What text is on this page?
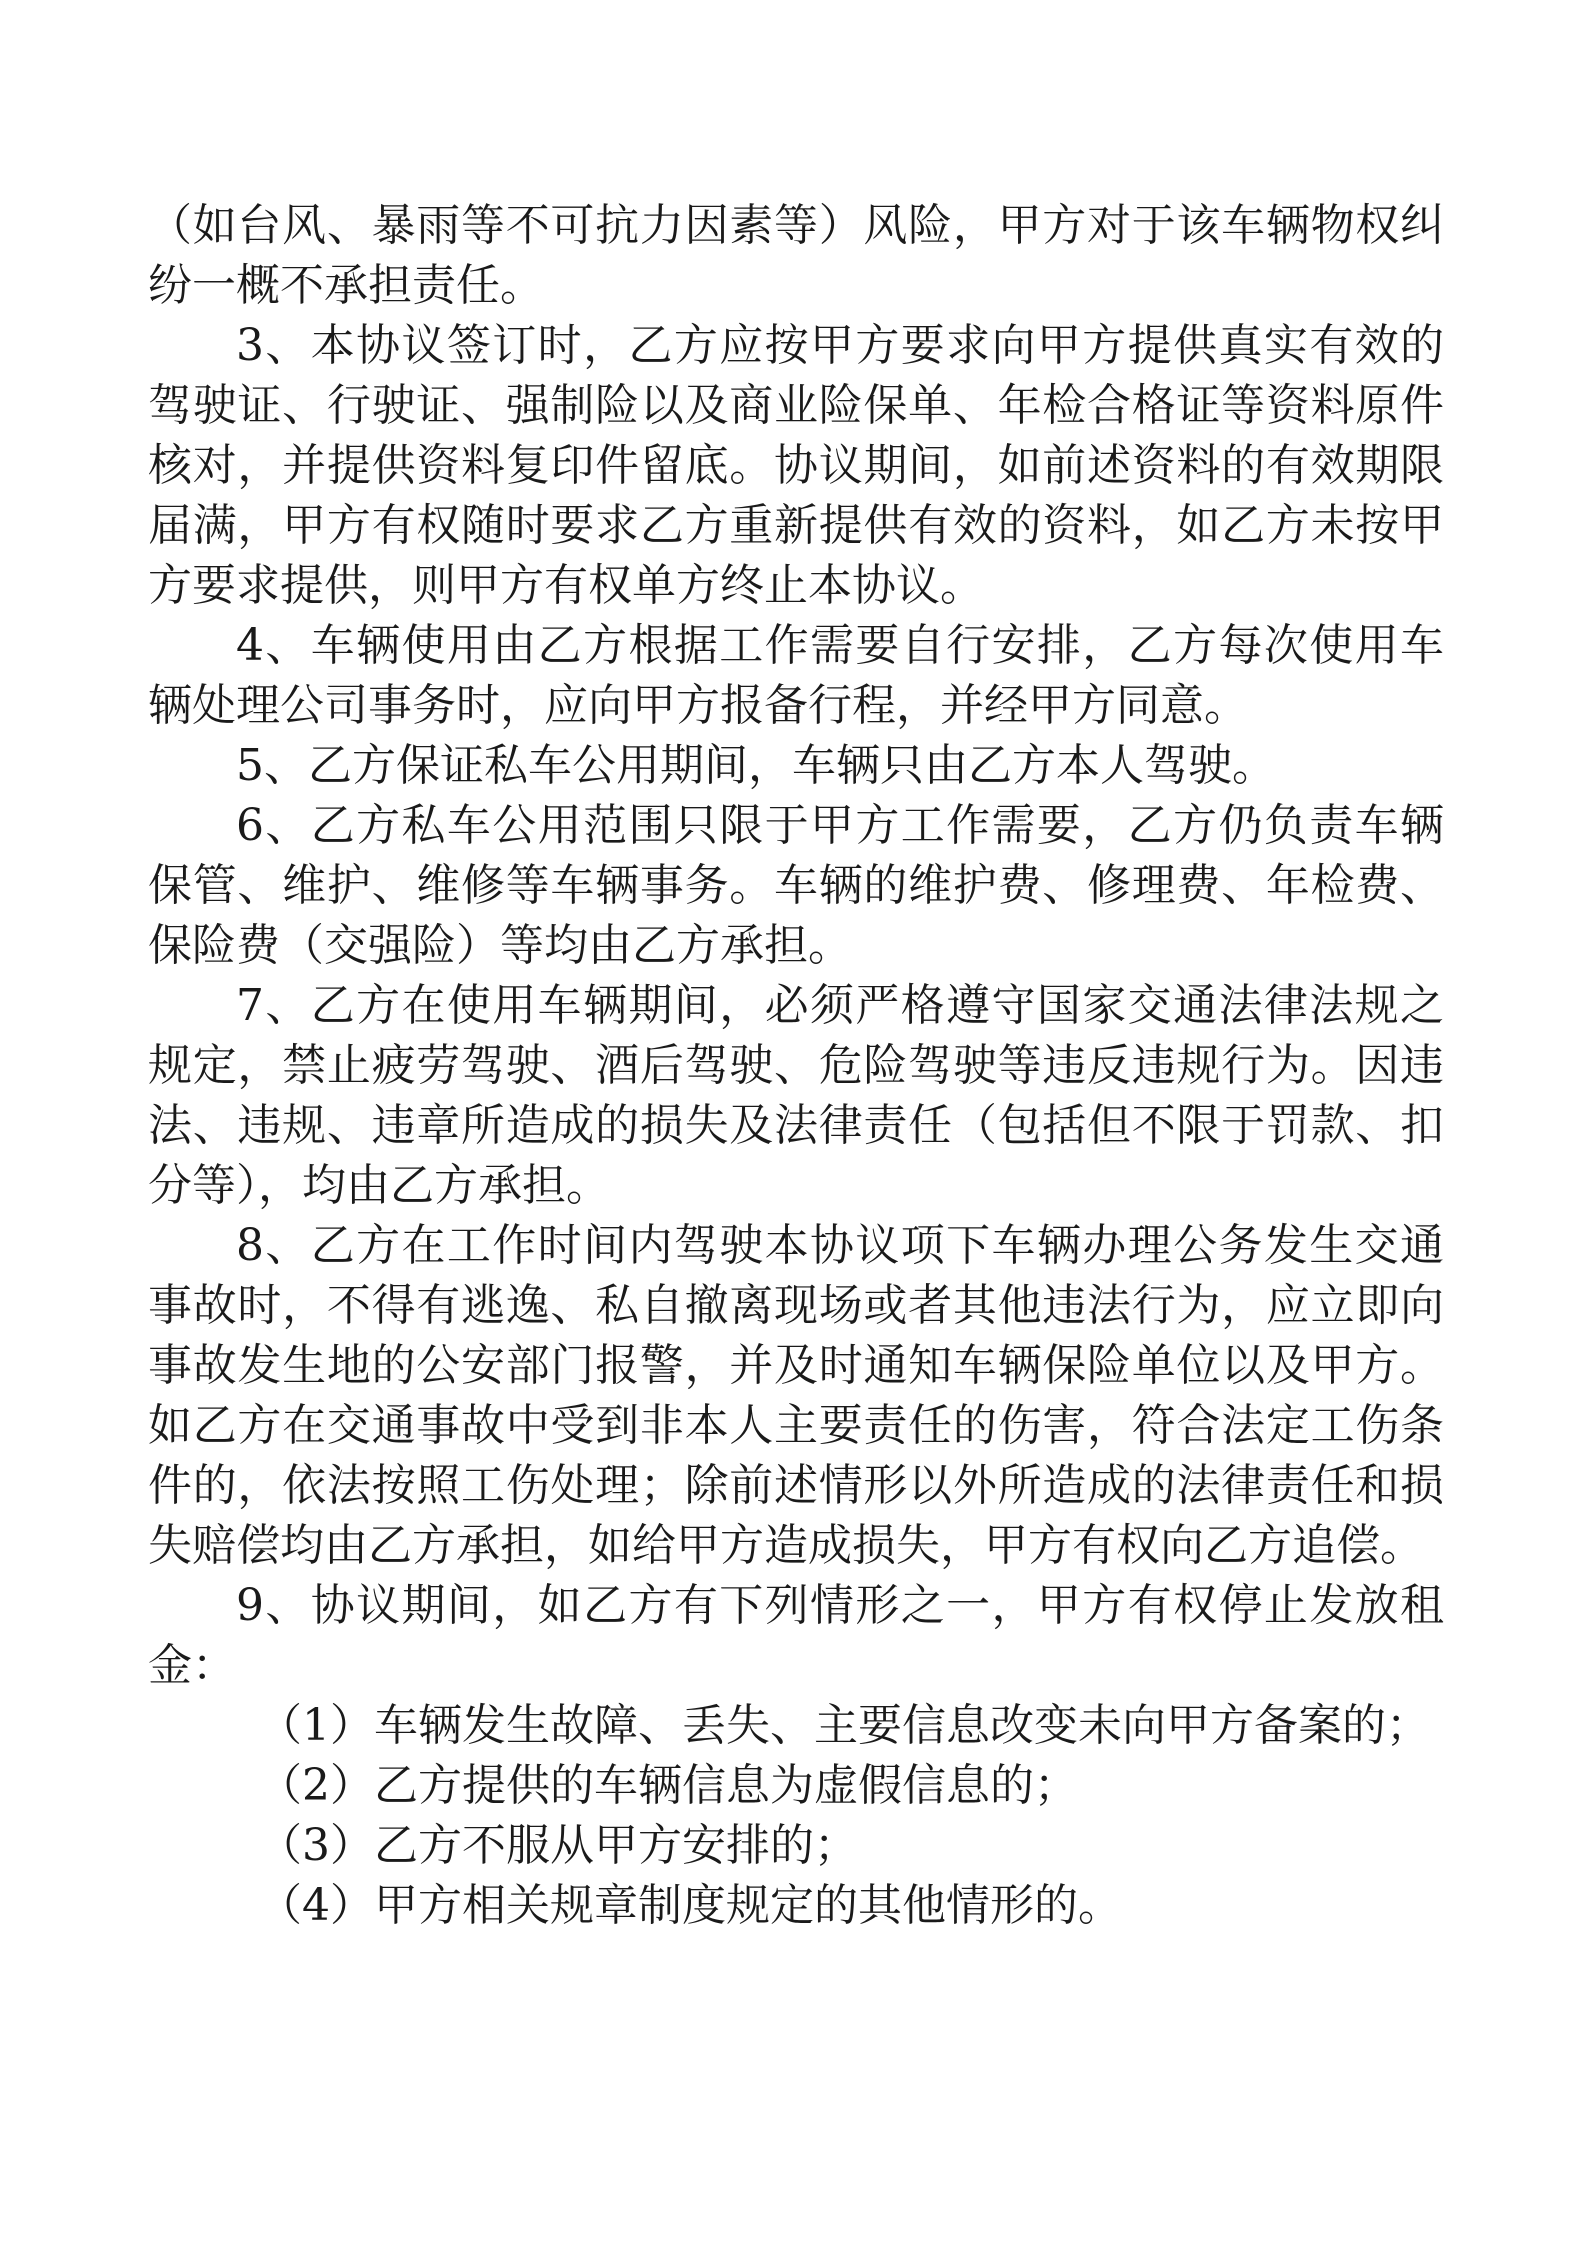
（如台风、暴雨等不可抗力因素等）风险，甲方对于该车辆物权纠纷一概不承担责任。

3、本协议签订时，乙方应按甲方要求向甲方提供真实有效的驾驶证、行驶证、强制险以及商业险保单、年检合格证等资料原件核对，并提供资料复印件留底。协议期间，如前述资料的有效期限届满，甲方有权随时要求乙方重新提供有效的资料，如乙方未按甲方要求提供，则甲方有权单方终止本协议。

4、车辆使用由乙方根据工作需要自行安排，乙方每次使用车辆处理公司事务时，应向甲方报备行程，并经甲方同意。

5、乙方保证私车公用期间，车辆只由乙方本人驾驶。

6、乙方私车公用范围只限于甲方工作需要，乙方仍负责车辆保管、维护、维修等车辆事务。车辆的维护费、修理费、年检费、保险费（交强险）等均由乙方承担。

7、乙方在使用车辆期间，必须严格遵守国家交通法律法规之规定，禁止疲劳驾驶、酒后驾驶、危险驾驶等违反违规行为。因违法、违规、违章所造成的损失及法律责任（包括但不限于罚款、扣分等），均由乙方承担。

8、乙方在工作时间内驾驶本协议项下车辆办理公务发生交通事故时，不得有逃逸、私自撤离现场或者其他违法行为，应立即向事故发生地的公安部门报警，并及时通知车辆保险单位以及甲方。如乙方在交通事故中受到非本人主要责任的伤害，符合法定工伤条件的，依法按照工伤处理；除前述情形以外所造成的法律责任和损失赔偿均由乙方承担，如给甲方造成损失，甲方有权向乙方追偿。

9、协议期间，如乙方有下列情形之一，甲方有权停止发放租金：

（1）车辆发生故障、丢失、主要信息改变未向甲方备案的；
（2）乙方提供的车辆信息为虚假信息的；
（3）乙方不服从甲方安排的；
（4）甲方相关规章制度规定的其他情形的。
